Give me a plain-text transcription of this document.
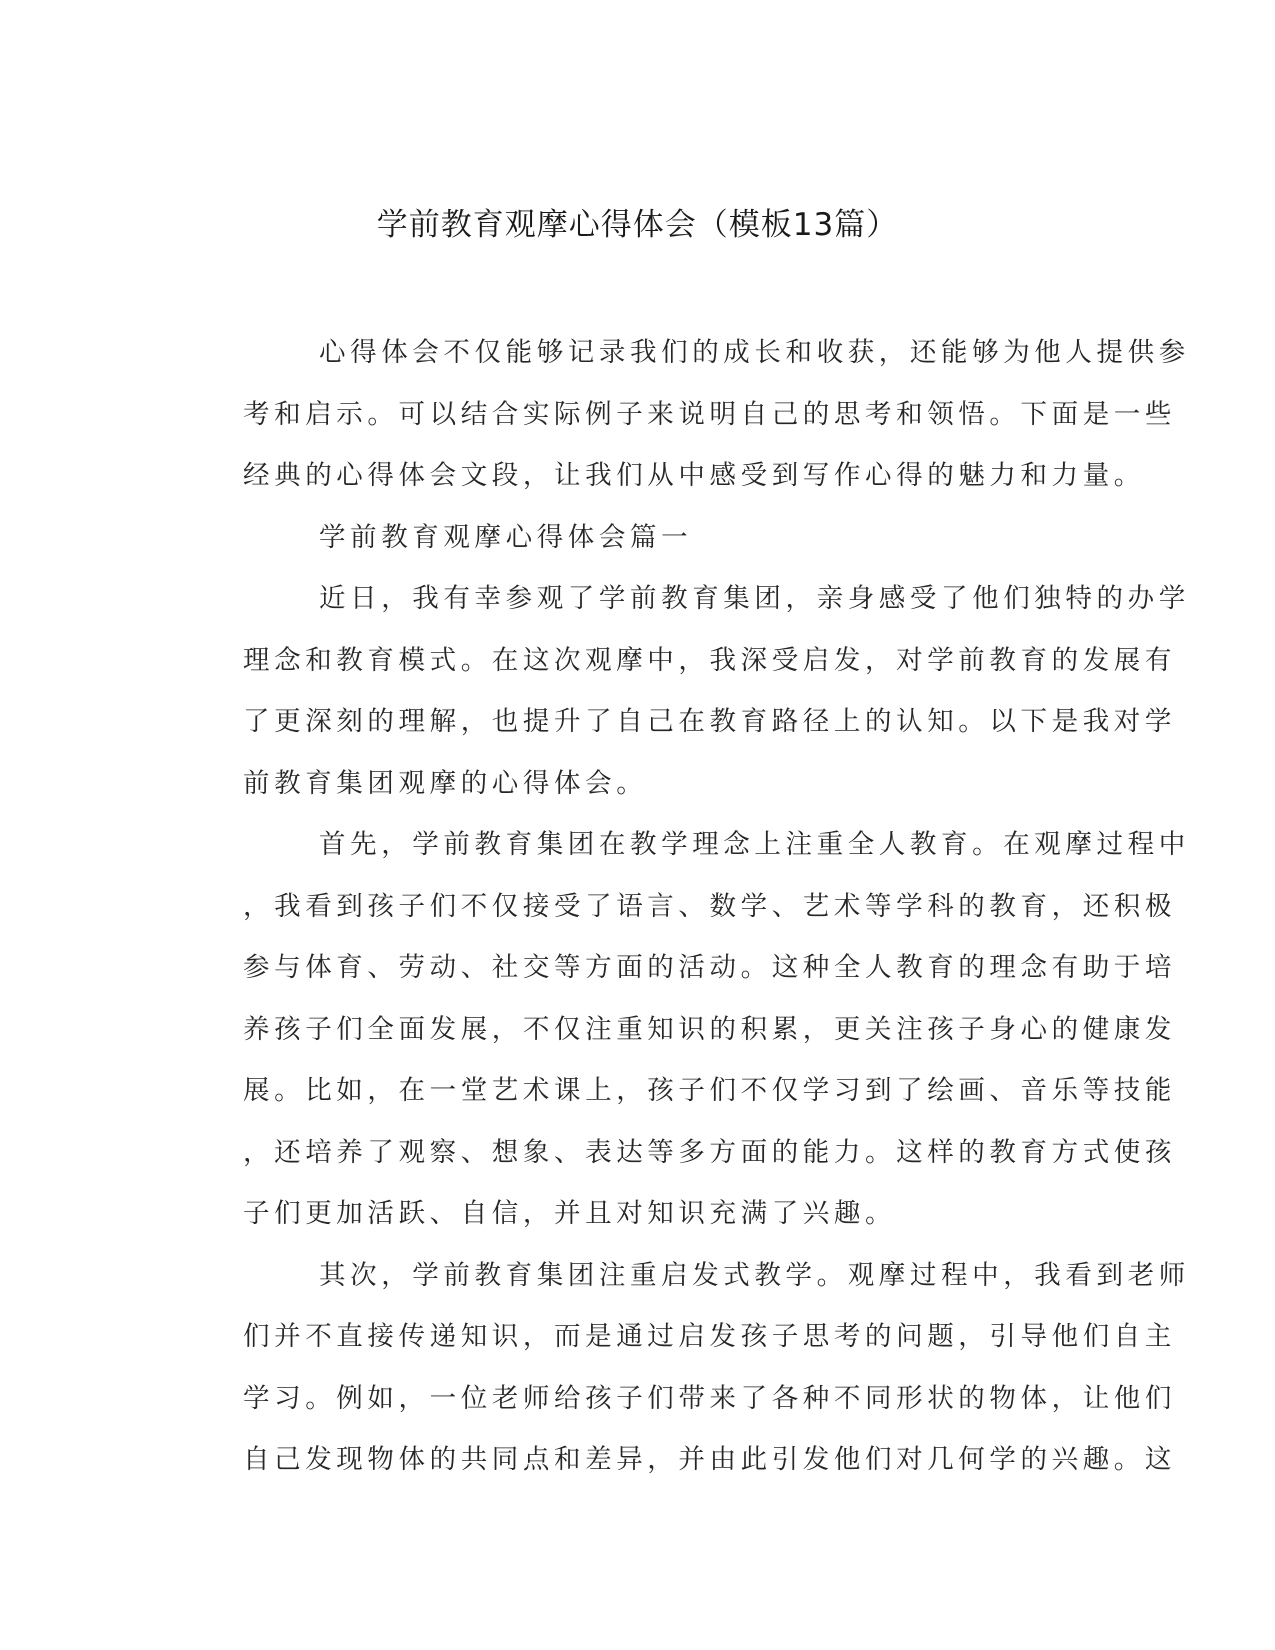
学前教育观摩心得体会（模板13篇）
心得体会不仅能够记录我们的成长和收获，还能够为他人提供参
考和启示。可以结合实际例子来说明自己的思考和领悟。下面是一些
经典的心得体会文段，让我们从中感受到写作心得的魅力和力量。
学前教育观摩心得体会篇一
近日，我有幸参观了学前教育集团，亲身感受了他们独特的办学
理念和教育模式。在这次观摩中，我深受启发，对学前教育的发展有
了更深刻的理解，也提升了自己在教育路径上的认知。以下是我对学
前教育集团观摩的心得体会。
首先，学前教育集团在教学理念上注重全人教育。在观摩过程中
，我看到孩子们不仅接受了语言、数学、艺术等学科的教育，还积极
参与体育、劳动、社交等方面的活动。这种全人教育的理念有助于培
养孩子们全面发展，不仅注重知识的积累，更关注孩子身心的健康发
展。比如，在一堂艺术课上，孩子们不仅学习到了绘画、音乐等技能
，还培养了观察、想象、表达等多方面的能力。这样的教育方式使孩
子们更加活跃、自信，并且对知识充满了兴趣。
其次，学前教育集团注重启发式教学。观摩过程中，我看到老师
们并不直接传递知识，而是通过启发孩子思考的问题，引导他们自主
学习。例如，一位老师给孩子们带来了各种不同形状的物体，让他们
自己发现物体的共同点和差异，并由此引发他们对几何学的兴趣。这
